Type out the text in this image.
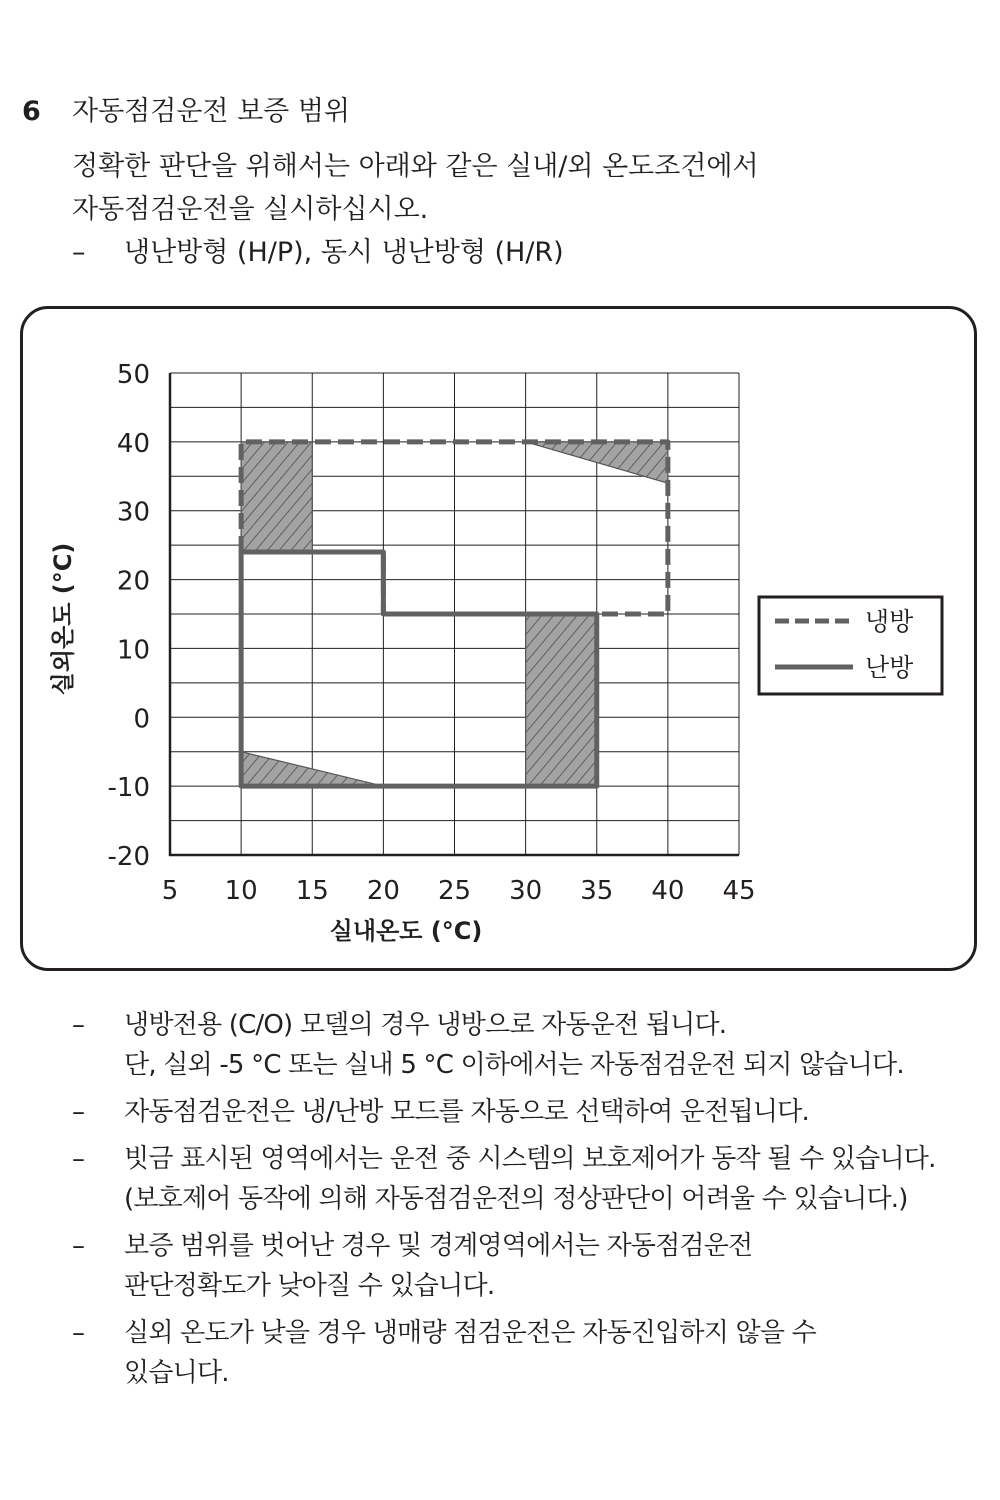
6 자동점검운전 보증 범위
정확한 판단을 위해서는 아래와 같은 실내/외 온도조건에서
자동점검운전을 실시하십시오.
– 냉난방형 (H/P), 동시 냉난방형 (H/R)
50
40
30
20
10
0
-10
-20
5 10 15 20 25 30 35 40 45
실내온도 (°C)
실외온도 (°C)	냉방
난방
– 냉방전용 (C/O) 모델의 경우 냉방으로 자동운전 됩니다.
단, 실외 -5 °C 또는 실내 5 °C 이하에서는 자동점검운전 되지 않습니다.
– 자동점검운전은 냉/난방 모드를 자동으로 선택하여 운전됩니다.
– 빗금 표시된 영역에서는 운전 중 시스템의 보호제어가 동작 될 수 있습니다.
(보호제어 동작에 의해 자동점검운전의 정상판단이 어려울 수 있습니다.)
– 보증 범위를 벗어난 경우 및 경계영역에서는 자동점검운전
판단정확도가 낮아질 수 있습니다.
– 실외 온도가 낮을 경우 냉매량 점검운전은 자동진입하지 않을 수
있습니다.
